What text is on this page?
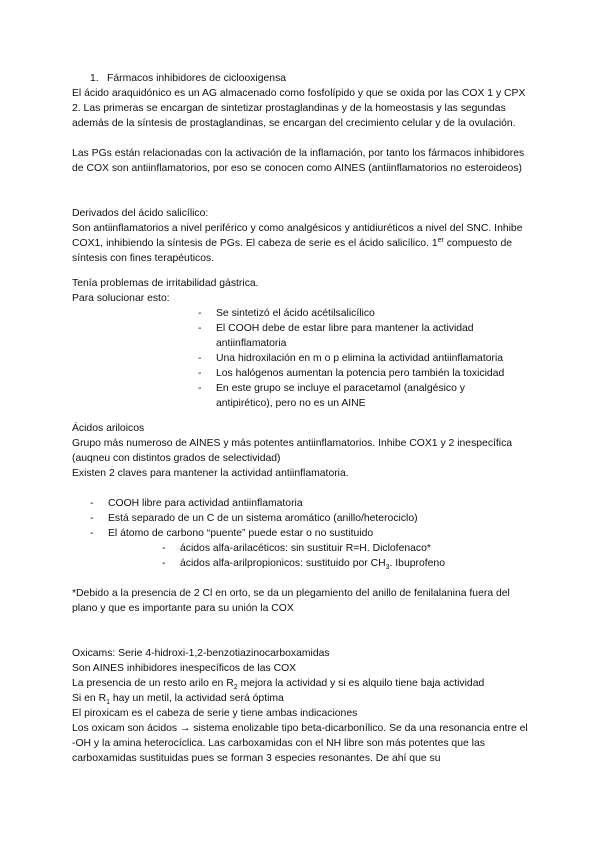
1. Fármacos inhibidores de ciclooxigensa

El ácido araquidónico es un AG almacenado como fosfolípido y que se oxida por las COX 1 y CPX 2. Las primeras se encargan de sintetizar prostaglandinas y de la homeostasis y las segundas además de la síntesis de prostaglandinas, se encargan del crecimiento celular y de la ovulación.

Las PGs están relacionadas con la activación de la inflamación, por tanto los fármacos inhibidores de COX son antiinflamatorios, por eso se conocen como AINES (antiinflamatorios no esteroideos)

Derivados del ácido salicílico:

Son antiinflamatorios a nivel periférico y como analgésicos y antidiuréticos a nivel del SNC. Inhibe COX1, inhibiendo la síntesis de PGs. El cabeza de serie es el ácido salicílico. 1er compuesto de síntesis con fines terapéuticos.

Tenía problemas de irritabilidad gástrica.

Para solucionar esto:

- Se sintetizó el ácido acétilsalicílico
- El COOH debe de estar libre para mantener la actividad antiinflamatoria
- Una hidroxilación en m o p elimina la actividad antiinflamatoria
- Los halógenos aumentan la potencia pero también la toxicidad
- En este grupo se incluye el paracetamol (analgésico y antipirético), pero no es un AINE

Ácidos ariloicos

Grupo más numeroso de AINES y más potentes antiinflamatorios. Inhibe COX1 y 2 inespecífica (auqneu con distintos grados de selectividad)

Existen 2 claves para mantener la actividad antiinflamatoria.

- COOH libre para actividad antiinflamatoria
- Está separado de un C de un sistema aromático (anillo/heterociclo)
- El átomo de carbono “puente” puede estar o no sustituido
- ácidos alfa-arilacéticos: sin sustituir R=H. Diclofenaco*
- ácidos alfa-arilpropionicos: sustituido por $CH_3$. Ibuprofeno

*Debido a la presencia de 2 Cl en orto, se da un plegamiento del anillo de fenilalanina fuera del plano y que es importante para su unión la COX

Oxicams: Serie 4-hidroxi-1,2-benzotiazinocarboxamidas

Son AINES inhibidores inespecíficos de las COX

La presencia de un resto arilo en $R_2$ mejora la actividad y si es alquilo tiene baja actividad

Si en $R_1$ hay un metil, la actividad será óptima

El piroxicam es el cabeza de serie y tiene ambas indicaciones

Los oxicam son ácidos → sistema enolizable tipo beta-dicarbonílico. Se da una resonancia entre el -OH y la amina heterocíclica. Las carboxamidas con el NH libre son más potentes que las carboxamidas sustituidas pues se forman 3 especies resonantes. De ahí que su
